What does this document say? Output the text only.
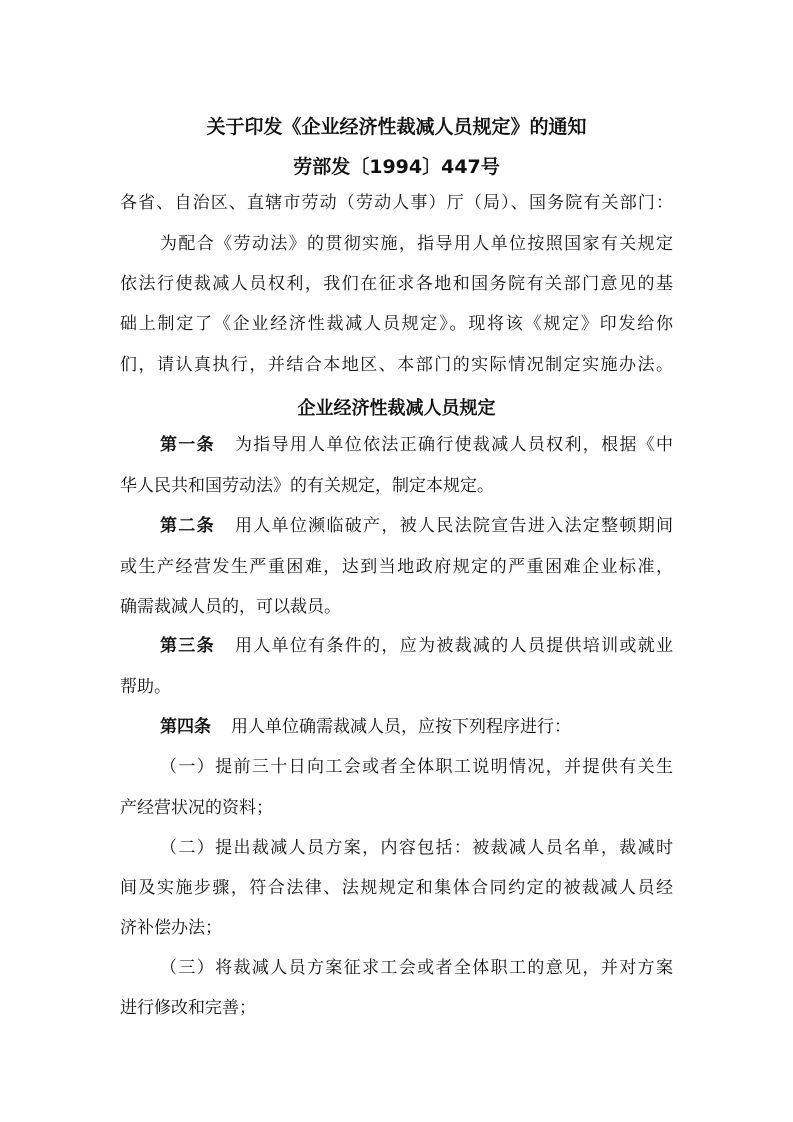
关于印发《企业经济性裁减人员规定》的通知
劳部发〔1994〕447号
各省、自治区、直辖市劳动（劳动人事）厅（局）、国务院有关部门：
为配合《劳动法》的贯彻实施，指导用人单位按照国家有关规定
依法行使裁减人员权利，我们在征求各地和国务院有关部门意见的基
础上制定了《企业经济性裁减人员规定》。现将该《规定》印发给你
们，请认真执行，并结合本地区、本部门的实际情况制定实施办法。
企业经济性裁减人员规定
第一条 为指导用人单位依法正确行使裁减人员权利，根据《中
华人民共和国劳动法》的有关规定，制定本规定。
第二条 用人单位濒临破产，被人民法院宣告进入法定整顿期间
或生产经营发生严重困难，达到当地政府规定的严重困难企业标准，
确需裁减人员的，可以裁员。
第三条 用人单位有条件的，应为被裁减的人员提供培训或就业
帮助。
第四条 用人单位确需裁减人员，应按下列程序进行：
（一）提前三十日向工会或者全体职工说明情况，并提供有关生
产经营状况的资料；
（二）提出裁减人员方案，内容包括：被裁减人员名单，裁减时
间及实施步骤，符合法律、法规规定和集体合同约定的被裁减人员经
济补偿办法；
（三）将裁减人员方案征求工会或者全体职工的意见，并对方案
进行修改和完善；
